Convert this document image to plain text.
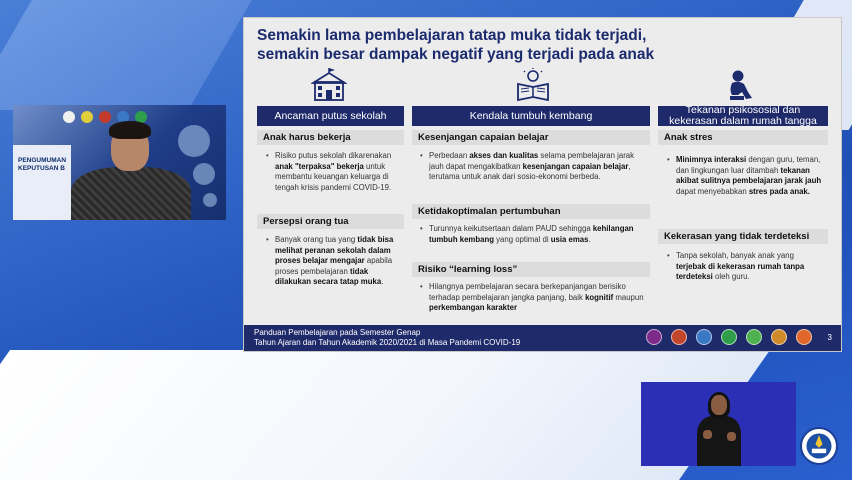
Semakin lama pembelajaran tatap muka tidak terjadi,
semakin besar dampak negatif yang terjadi pada anak
Ancaman putus sekolah	Kendala tumbuh kembang	Tekanan psikososial dan
kekerasan dalam rumah tangga
Anak harus bekerja
• Risiko putus sekolah dikarenakan anak "terpaksa" bekerja untuk membantu keuangan keluarga di tengah krisis pandemi COVID-19.
Persepsi orang tua
• Banyak orang tua yang tidak bisa melihat peranan sekolah dalam proses belajar mengajar apabila proses pembelajaran tidak dilakukan secara tatap muka.
Kesenjangan capaian belajar
• Perbedaan akses dan kualitas selama pembelajaran jarak jauh dapat mengakibatkan kesenjangan capaian belajar, terutama untuk anak dari sosio-ekonomi berbeda.
Ketidakoptimalan pertumbuhan
• Turunnya keikutsertaan dalam PAUD sehingga kehilangan tumbuh kembang yang optimal di usia emas.
Risiko “learning loss”
• Hilangnya pembelajaran secara berkepanjangan berisiko terhadap pembelajaran jangka panjang, baik kognitif maupun perkembangan karakter
Anak stres
• Minimnya interaksi dengan guru, teman, dan lingkungan luar ditambah tekanan akibat sulitnya pembelajaran jarak jauh dapat menyebabkan stres pada anak.
Kekerasan yang tidak terdeteksi
• Tanpa sekolah, banyak anak yang terjebak di kekerasan rumah tanpa terdeteksi oleh guru.
Panduan Pembelajaran pada Semester Genap
Tahun Ajaran dan Tahun Akademik 2020/2021 di Masa Pandemi COVID-19
3
PENGUMUMAN
KEPUTUSAN B
